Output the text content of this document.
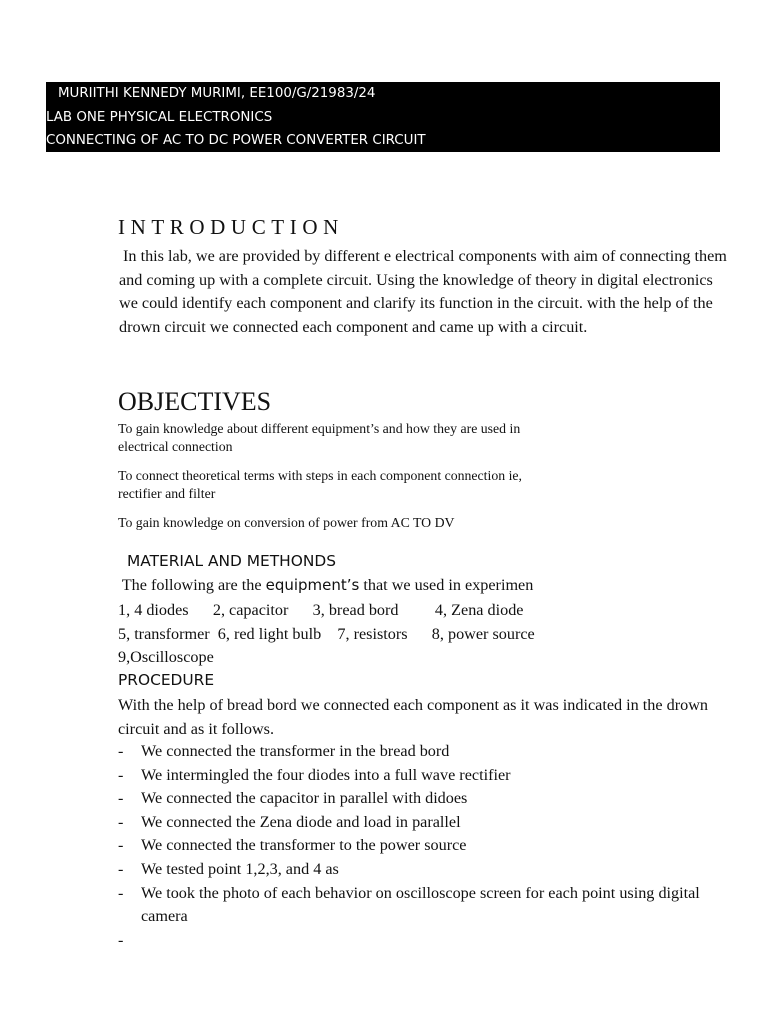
MURIITHI KENNEDY MURIMI, EE100/G/21983/24
LAB ONE PHYSICAL ELECTRONICS
CONNECTING OF AC TO DC POWER CONVERTER CIRCUIT
INTRODUCTION
In this lab, we are provided by different e electrical components with aim of connecting them and coming up with a complete circuit. Using the knowledge of theory in digital electronics we could identify each component and clarify its function in the circuit. with the help of the drown circuit we connected each component and came up with a circuit.
OBJECTIVES
To gain knowledge about different equipment’s and how they are used in electrical connection
To connect theoretical terms with steps in each component connection ie, rectifier and filter
To gain knowledge on conversion of power from AC TO DV
MATERIAL AND METHONDS
The following are the equipment’s that we used in experimen
1, 4 diodes      2, capacitor      3, bread bord         4, Zena diode
5, transformer  6, red light bulb    7, resistors      8, power source
9,Oscilloscope
PROCEDURE
With the help of bread bord we connected each component as it was indicated in the drown circuit and as it follows.
- We connected the transformer in the bread bord
- We intermingled the four diodes into a full wave rectifier
- We connected the capacitor in parallel with didoes
- We connected the Zena diode and load in parallel
- We connected the transformer to the power source
- We tested point 1,2,3, and 4 as
- We took the photo of each behavior on oscilloscope screen for each point using digital camera
-
